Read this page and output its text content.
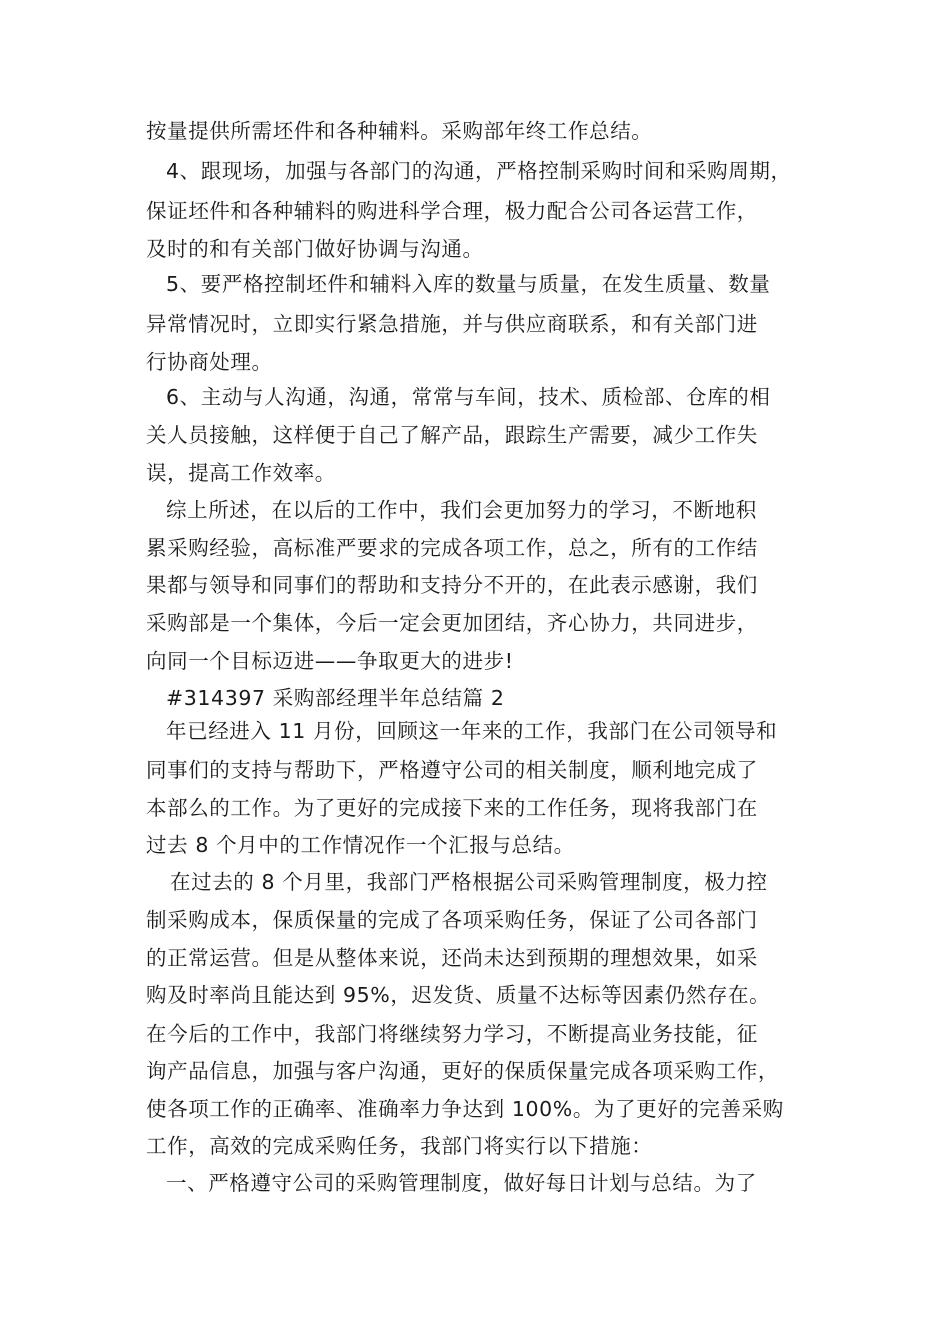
按量提供所需坯件和各种辅料。采购部年终工作总结。
4、跟现场，加强与各部门的沟通，严格控制采购时间和采购周期，
保证坯件和各种辅料的购进科学合理，极力配合公司各运营工作，
及时的和有关部门做好协调与沟通。
5、要严格控制坯件和辅料入库的数量与质量，在发生质量、数量
异常情况时，立即实行紧急措施，并与供应商联系，和有关部门进
行协商处理。
6、主动与人沟通，沟通，常常与车间，技术、质检部、仓库的相
关人员接触，这样便于自己了解产品，跟踪生产需要，减少工作失
误，提高工作效率。
综上所述，在以后的工作中，我们会更加努力的学习，不断地积
累采购经验，高标准严要求的完成各项工作，总之，所有的工作结
果都与领导和同事们的帮助和支持分不开的，在此表示感谢，我们
采购部是一个集体，今后一定会更加团结，齐心协力，共同进步，
向同一个目标迈进——争取更大的进步!
#314397 采购部经理半年总结篇 2
年已经进入 11 月份，回顾这一年来的工作，我部门在公司领导和
同事们的支持与帮助下，严格遵守公司的相关制度，顺利地完成了
本部么的工作。为了更好的完成接下来的工作任务，现将我部门在
过去 8 个月中的工作情况作一个汇报与总结。
在过去的 8 个月里，我部门严格根据公司采购管理制度，极力控
制采购成本，保质保量的完成了各项采购任务，保证了公司各部门
的正常运营。但是从整体来说，还尚未达到预期的理想效果，如采
购及时率尚且能达到 95%，迟发货、质量不达标等因素仍然存在。
在今后的工作中，我部门将继续努力学习，不断提高业务技能，征
询产品信息，加强与客户沟通，更好的保质保量完成各项采购工作，
使各项工作的正确率、准确率力争达到 100%。为了更好的完善采购
工作，高效的完成采购任务，我部门将实行以下措施：
一、严格遵守公司的采购管理制度，做好每日计划与总结。为了
